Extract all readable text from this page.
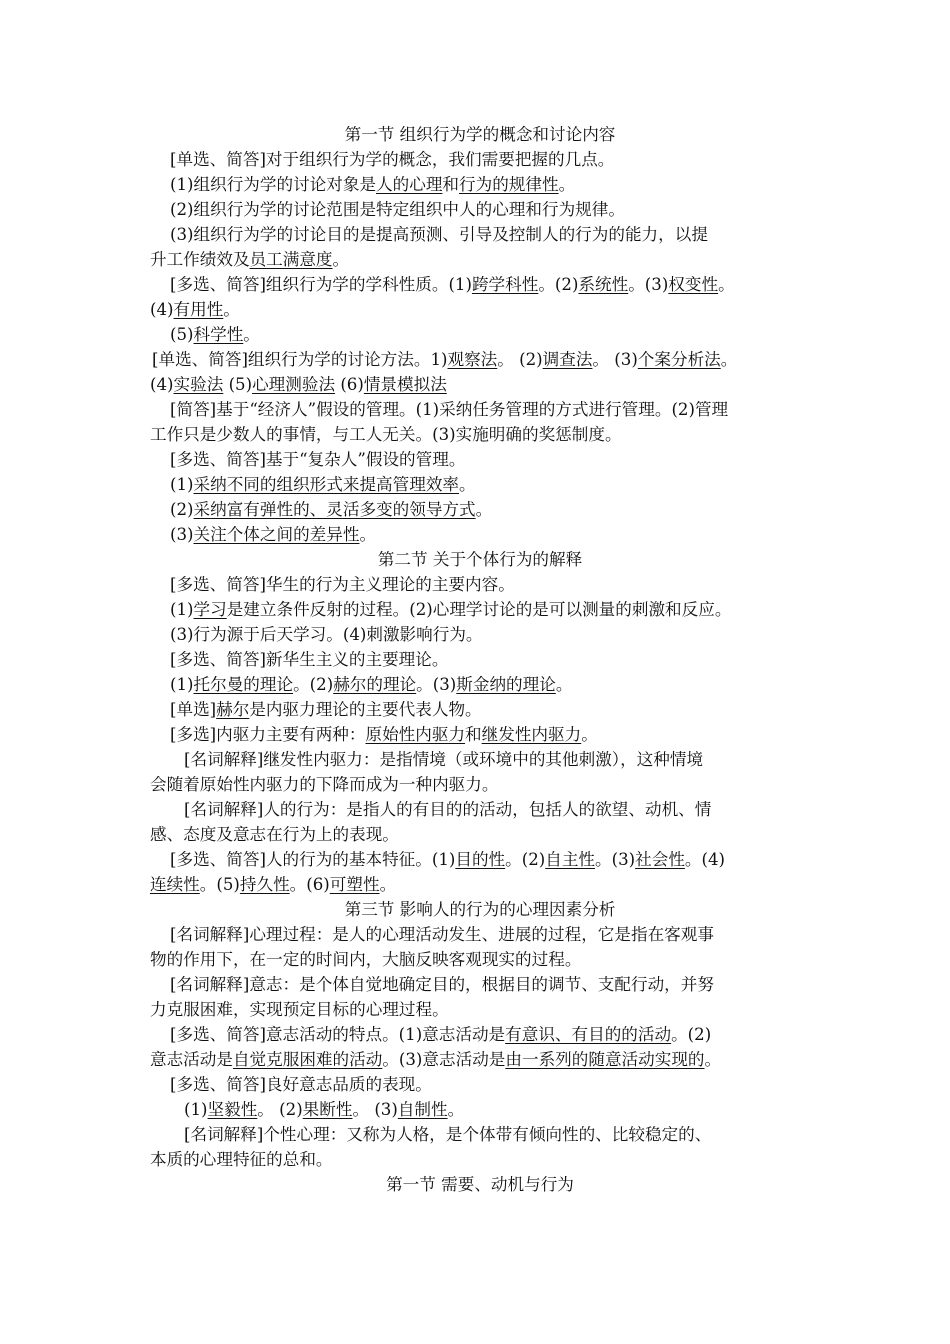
第一节 组织行为学的概念和讨论内容
[单选、简答]对于组织行为学的概念，我们需要把握的几点。
(1)组织行为学的讨论对象是人的心理和行为的规律性。
(2)组织行为学的讨论范围是特定组织中人的心理和行为规律。
(3)组织行为学的讨论目的是提高预测、引导及控制人的行为的能力，以提
升工作绩效及员工满意度。
[多选、简答]组织行为学的学科性质。(1)跨学科性。(2)系统性。(3)权变性。
(4)有用性。
(5)科学性。
[单选、简答]组织行为学的讨论方法。1)观察法。 (2)调查法。 (3)个案分析法。
(4)实验法 (5)心理测验法 (6)情景模拟法
[简答]基于“经济人”假设的管理。(1)采纳任务管理的方式进行管理。(2)管理
工作只是少数人的事情，与工人无关。(3)实施明确的奖惩制度。
[多选、简答]基于“复杂人”假设的管理。
(1)采纳不同的组织形式来提高管理效率。
(2)采纳富有弹性的、灵活多变的领导方式。
(3)关注个体之间的差异性。
第二节 关于个体行为的解释
[多选、简答]华生的行为主义理论的主要内容。
(1)学习是建立条件反射的过程。(2)心理学讨论的是可以测量的刺激和反应。
(3)行为源于后天学习。(4)刺激影响行为。
[多选、简答]新华生主义的主要理论。
(1)托尔曼的理论。(2)赫尔的理论。(3)斯金纳的理论。
[单选]赫尔是内驱力理论的主要代表人物。
[多选]内驱力主要有两种：原始性内驱力和继发性内驱力。
[名词解释]继发性内驱力：是指情境（或环境中的其他刺激），这种情境
会随着原始性内驱力的下降而成为一种内驱力。
[名词解释]人的行为：是指人的有目的的活动，包括人的欲望、动机、情
感、态度及意志在行为上的表现。
[多选、简答]人的行为的基本特征。(1)目的性。(2)自主性。(3)社会性。(4)
连续性。(5)持久性。(6)可塑性。
第三节 影响人的行为的心理因素分析
[名词解释]心理过程：是人的心理活动发生、进展的过程，它是指在客观事
物的作用下，在一定的时间内，大脑反映客观现实的过程。
[名词解释]意志：是个体自觉地确定目的，根据目的调节、支配行动，并努
力克服困难，实现预定目标的心理过程。
[多选、简答]意志活动的特点。(1)意志活动是有意识、有目的的活动。(2)
意志活动是自觉克服困难的活动。(3)意志活动是由一系列的随意活动实现的。
[多选、简答]良好意志品质的表现。
(1)坚毅性。 (2)果断性。 (3)自制性。
[名词解释]个性心理：又称为人格，是个体带有倾向性的、比较稳定的、
本质的心理特征的总和。
第一节 需要、动机与行为
